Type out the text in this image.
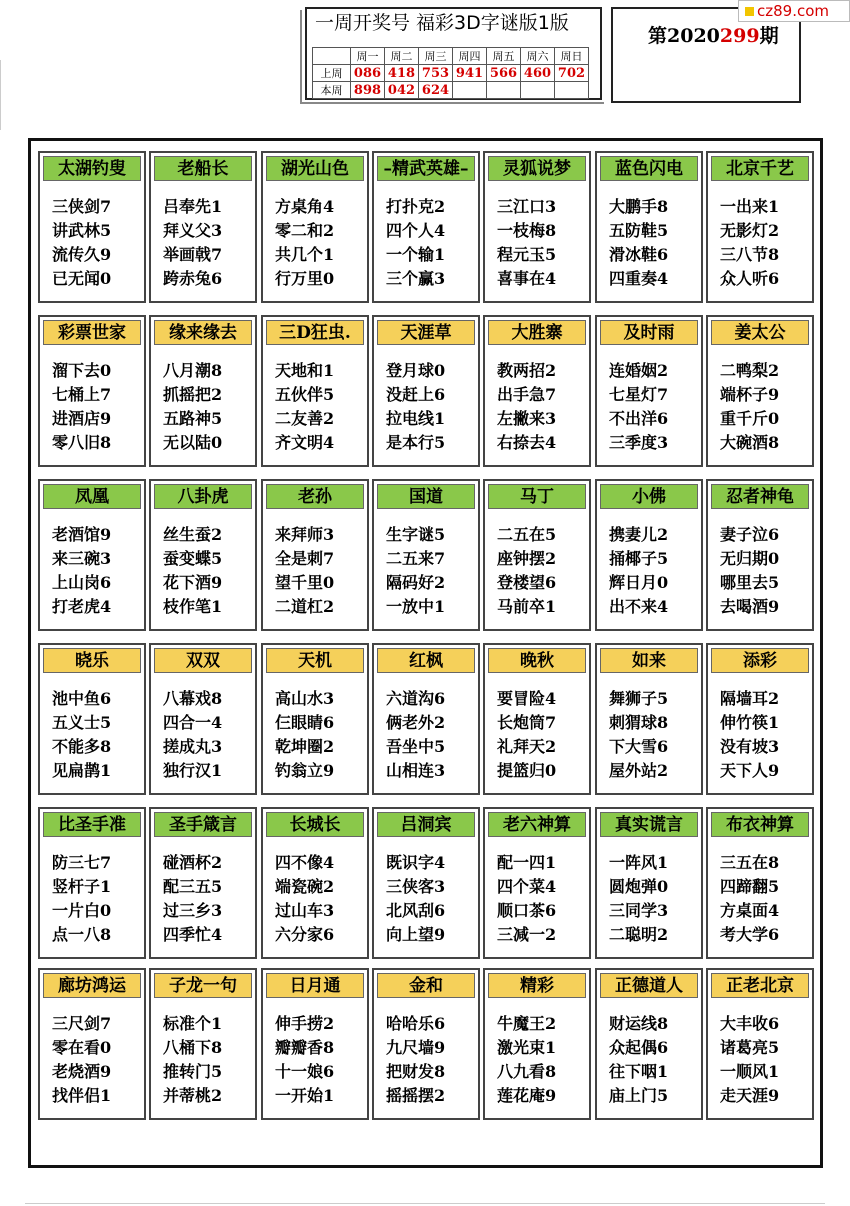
一周开奖号 福彩3D字谜版1版
	周一	周二	周三	周四	周五	周六	周日
上周	086	418	753	941	566	460	702
本周	898	042	624				
第2020299期
cz89.com
太湖钓叟
三侠剑7
讲武林5
流传久9
已无闻0
老船长
吕奉先1
拜义父3
举画戟7
跨赤兔6
湖光山色
方桌角4
零二和2
共几个1
行万里0
–精武英雄–
打扑克2
四个人4
一个输1
三个赢3
灵狐说梦
三江口3
一枝梅8
程元玉5
喜事在4
蓝色闪电
大鹏手8
五防鞋5
滑冰鞋6
四重奏4
北京千艺
一出来1
无影灯2
三八节8
众人听6
彩票世家
溜下去0
七桶上7
进酒店9
零八旧8
缘来缘去
八月潮8
抓摇把2
五路神5
无以陆0
三D狂虫.
天地和1
五伙伴5
二友善2
齐文明4
天涯草
登月球0
没赶上6
拉电线1
是本行5
大胜寨
教两招2
出手急7
左撇来3
右捺去4
及时雨
连婚姻2
七星灯7
不出洋6
三季度3
姜太公
二鸭梨2
端杯子9
重千斤0
大碗酒8
凤凰
老酒馆9
来三碗3
上山岗6
打老虎4
八卦虎
丝生蚕2
蚕变蝶5
花下酒9
枝作笔1
老孙
来拜师3
全是刺7
望千里0
二道杠2
国道
生字谜5
二五来7
隔码好2
一放中1
马丁
二五在5
座钟摆2
登楼望6
马前卒1
小佛
携妻儿2
捅椰子5
辉日月0
出不来4
忍者神龟
妻子泣6
无归期0
哪里去5
去喝酒9
晓乐
池中鱼6
五义士5
不能多8
见扁鹊1
双双
八幕戏8
四合一4
搓成丸3
独行汉1
天机
高山水3
仨眼睛6
乾坤圈2
钓翁立9
红枫
六道沟6
俩老外2
吾坐中5
山相连3
晚秋
要冒险4
长炮筒7
礼拜天2
提篮归0
如来
舞狮子5
刺猬球8
下大雪6
屋外站2
添彩
隔墙耳2
伸竹筷1
没有坡3
天下人9
比圣手准
防三七7
竖杆子1
一片白0
点一八8
圣手箴言
碰酒杯2
配三五5
过三乡3
四季忙4
长城长
四不像4
端瓷碗2
过山车3
六分家6
吕洞宾
既识字4
三侠客3
北风刮6
向上望9
老六神算
配一四1
四个菜4
顺口茶6
三减一2
真实谎言
一阵风1
圆炮弹0
三同学3
二聪明2
布衣神算
三五在8
四蹄翻5
方桌面4
考大学6
廊坊鸿运
三尺剑7
零在看0
老烧酒9
找伴侣1
子龙一句
标准个1
八桶下8
推转门5
并蒂桃2
日月通
伸手捞2
瓣瓣香8
十一娘6
一开始1
金和
哈哈乐6
九尺墙9
把财发8
摇摇摆2
精彩
牛魔王2
激光束1
八九看8
莲花庵9
正德道人
财运线8
众起偶6
往下咽1
庙上门5
正老北京
大丰收6
诸葛亮5
一顺风1
走天涯9
